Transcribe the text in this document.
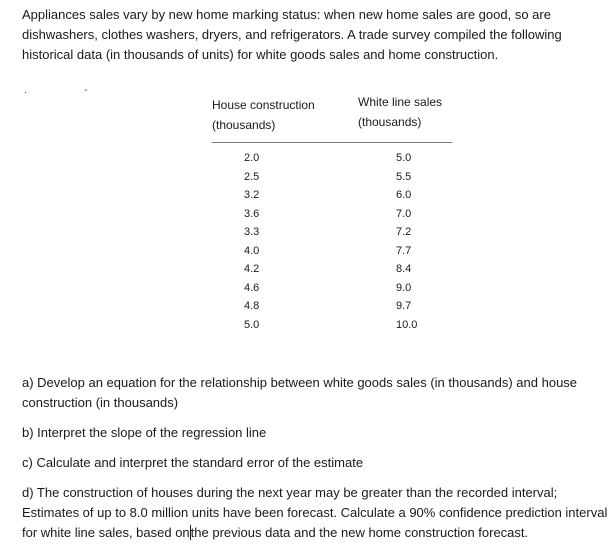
Appliances sales vary by new home marking status: when new home sales are good, so are dishwashers, clothes washers, dryers, and refrigerators. A trade survey compiled the following historical data (in thousands of units) for white goods sales and home construction.

.	-
House construction
(thousands)
White line sales
(thousands)
2.0	5.0
2.5	5.5
3.2	6.0
3.6	7.0
3.3	7.2
4.0	7.7
4.2	8.4
4.6	9.0
4.8	9.7
5.0	10.0

a) Develop an equation for the relationship between white goods sales (in thousands) and house construction (in thousands)

b) Interpret the slope of the regression line

c) Calculate and interpret the standard error of the estimate

d) The construction of houses during the next year may be greater than the recorded interval; Estimates of up to 8.0 million units have been forecast. Calculate a 90% confidence prediction interval for white line sales, based onthe previous data and the new home construction forecast.
